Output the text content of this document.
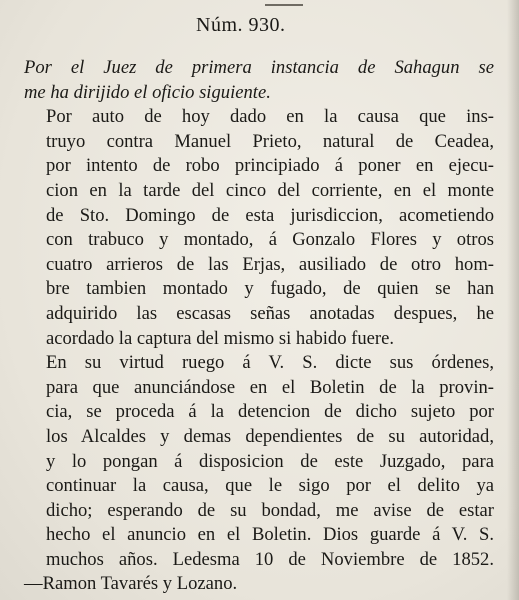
Núm. 930.

Por el Juez de primera instancia de Sahagun se
me ha dirijido el oficio siguiente.

Por auto de hoy dado en la causa que ins-
truyo contra Manuel Prieto, natural de Ceadea,
por intento de robo principiado á poner en ejecu-
cion en la tarde del cinco del corriente, en el monte
de Sto. Domingo de esta jurisdiccion, acometiendo
con trabuco y montado, á Gonzalo Flores y otros
cuatro arrieros de las Erjas, ausiliado de otro hom-
bre tambien montado y fugado, de quien se han
adquirido las escasas señas anotadas despues, he
acordado la captura del mismo si habido fuere.

En su virtud ruego á V. S. dicte sus órdenes,
para que anunciándose en el Boletin de la provin-
cia, se proceda á la detencion de dicho sujeto por
los Alcaldes y demas dependientes de su autoridad,
y lo pongan á disposicion de este Juzgado, para
continuar la causa, que le sigo por el delito ya
dicho; esperando de su bondad, me avise de estar
hecho el anuncio en el Boletin. Dios guarde á V. S.
muchos años. Ledesma 10 de Noviembre de 1852.

—Ramon Tavarés y Lozano.
